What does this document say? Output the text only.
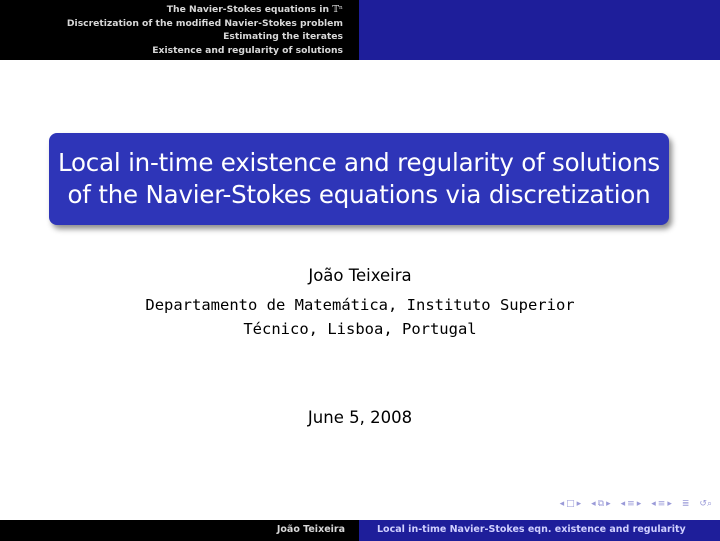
The Navier-Stokes equations in 𝕋ⁿ
Discretization of the modified Navier-Stokes problem
Estimating the iterates
Existence and regularity of solutions
Local in-time existence and regularity of solutions
of the Navier-Stokes equations via discretization
João Teixeira
Departamento de Matemática, Instituto Superior
Técnico, Lisboa, Portugal
June 5, 2008
◂ □ ▸ ◂ ⧉ ▸ ◂ ≡ ▸ ◂ ≡ ▸ ≣ ↺⌕
João Teixeira	Local in-time Navier-Stokes eqn. existence and regularity
